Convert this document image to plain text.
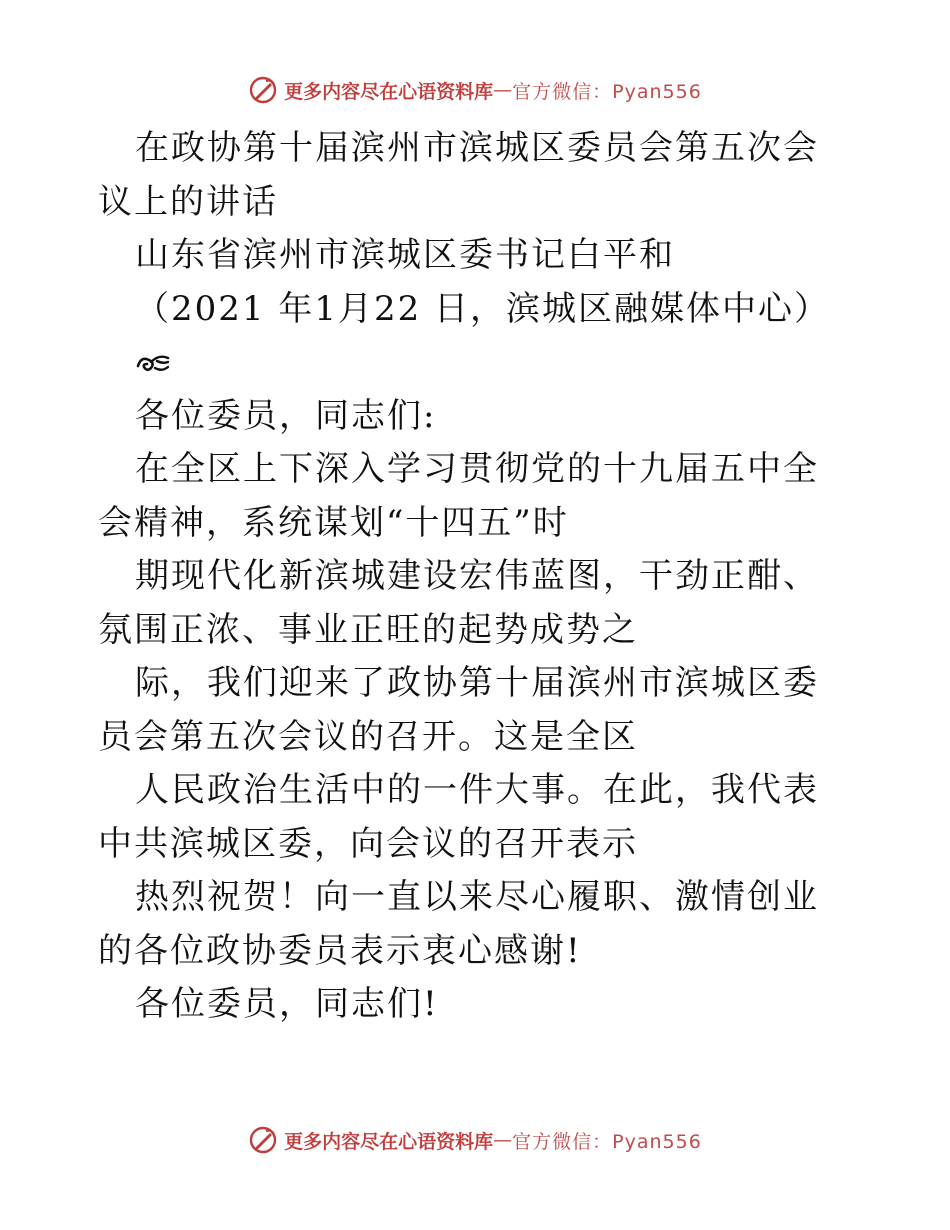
更多内容尽在心语资料库 — 官方微信：Pyan556

在政协第十届滨州市滨城区委员会第五次会议上的讲话

山东省滨州市滨城区委书记白平和

（2021 年1月22 日，滨城区融媒体中心）

各位委员，同志们:

在全区上下深入学习贯彻党的十九届五中全会精神，系统谋划“十四五”时

期现代化新滨城建设宏伟蓝图，干劲正酣、氛围正浓、事业正旺的起势成势之

际，我们迎来了政协第十届滨州市滨城区委员会第五次会议的召开。这是全区

人民政治生活中的一件大事。在此，我代表中共滨城区委，向会议的召开表示

热烈祝贺！向一直以来尽心履职、激情创业的各位政协委员表示衷心感谢!

各位委员，同志们!

更多内容尽在心语资料库 — 官方微信：Pyan556
